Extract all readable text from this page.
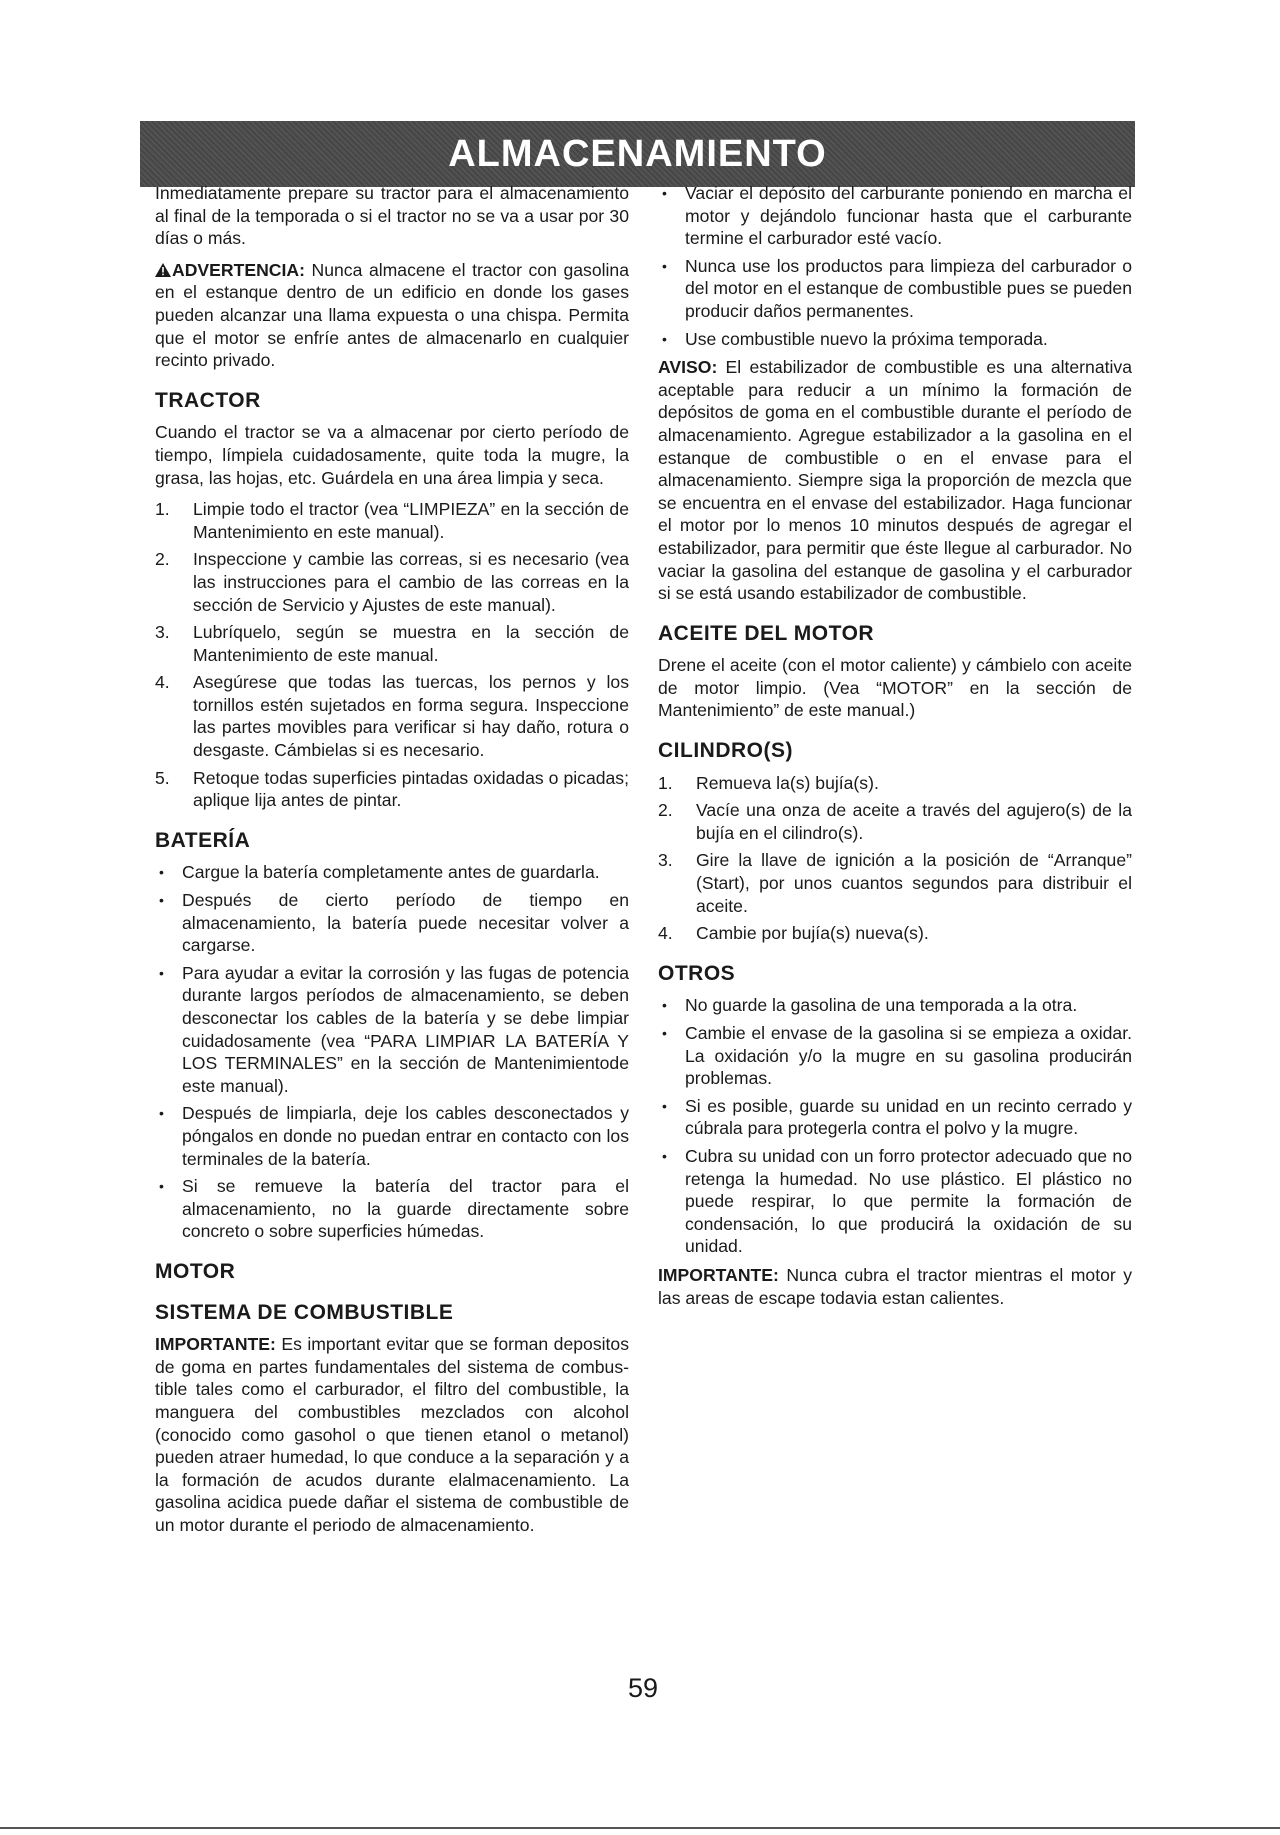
ALMACENAMIENTO

Inmediatamente prepare su tractor para el almacenamiento al final de la temporada o si el tractor no se va a usar por 30 días o más.

ADVERTENCIA: Nunca almacene el tractor con gasolina en el estanque dentro de un edificio en donde los gases pueden alcanzar una llama expuesta o una chispa. Permita que el motor se enfríe antes de almacenarlo en cualquier recinto privado.

TRACTOR

Cuando el tractor se va a almacenar por cierto período de tiempo, límpiela cuidadosamente, quite toda la mugre, la grasa, las hojas, etc. Guárdela en una área limpia y seca.

1. Limpie todo el tractor (vea “LIMPIEZA” en la sección de Mantenimiento en este manual).
2. Inspeccione y cambie las correas, si es necesario (vea las instrucciones para el cambio de las correas en la sección de Servicio y Ajustes de este manual).
3. Lubríquelo, según se muestra en la sección de Mantenimiento de este manual.
4. Asegúrese que todas las tuercas, los pernos y los tornillos estén sujetados en forma segura. Inspeccione las partes movibles para verificar si hay daño, rotura o desgaste. Cámbielas si es necesario.
5. Retoque todas superficies pintadas oxidadas o picadas; aplique lija antes de pintar.
BATERÍA
• Cargue la batería completamente antes de guardarla.
• Después de cierto período de tiempo en almacenamiento, la batería puede necesitar volver a cargarse.
• Para ayudar a evitar la corrosión y las fugas de potencia durante largos períodos de almacenamiento, se deben desconectar los cables de la batería y se debe limpiar cuidadosamente (vea “PARA LIMPIAR LA BATERÍA Y LOS TERMINALES” en la sección de Mantenimientode este manual).
• Después de limpiarla, deje los cables desconectados y póngalos en donde no puedan entrar en contacto con los terminales de la batería.
• Si se remueve la batería del tractor para el almacenamiento, no la guarde directamente sobre concreto o sobre superficies húmedas.
MOTOR
SISTEMA DE COMBUSTIBLE

IMPORTANTE: Es important evitar que se forman depositos de goma en partes fundamentales del sistema de combus-tible tales como el carburador, el filtro del combustible, la manguera del combustibles mezclados con alcohol (conocido como gasohol o que tienen etanol o metanol) pueden atraer humedad, lo que conduce a la separación y a la formación de acudos durante elalmacenamiento. La gasolina acidica puede dañar el sistema de combustible de un motor durante el periodo de almacenamiento.

• Vaciar el depósito del carburante poniendo en marcha el motor y dejándolo funcionar hasta que el carburante termine el carburador esté vacío.
• Nunca use los productos para limpieza del carburador o del motor en el estanque de combustible pues se pueden producir daños permanentes.
• Use combustible nuevo la próxima temporada.

AVISO: El estabilizador de combustible es una alternativa aceptable para reducir a un mínimo la formación de depósitos de goma en el combustible durante el período de almacenamiento. Agregue estabilizador a la gasolina en el estanque de combustible o en el envase para el almacenamiento. Siempre siga la proporción de mezcla que se encuentra en el envase del estabilizador. Haga funcionar el motor por lo menos 10 minutos después de agregar el estabilizador, para permitir que éste llegue al carburador. No vaciar la gasolina del estanque de gasolina y el carburador si se está usando estabilizador de combustible.

ACEITE DEL MOTOR

Drene el aceite (con el motor caliente) y cámbielo con aceite de motor limpio. (Vea “MOTOR” en la sección de Mantenimiento” de este manual.)

CILINDRO(S)
1. Remueva la(s) bujía(s).
2. Vacíe una onza de aceite a través del agujero(s) de la bujía en el cilindro(s).
3. Gire la llave de ignición a la posición de “Arranque” (Start), por unos cuantos segundos para distribuir el aceite.
4. Cambie por bujía(s) nueva(s).
OTROS
• No guarde la gasolina de una temporada a la otra.
• Cambie el envase de la gasolina si se empieza a oxidar. La oxidación y/o la mugre en su gasolina producirán problemas.
• Si es posible, guarde su unidad en un recinto cerrado y cúbrala para protegerla contra el polvo y la mugre.
• Cubra su unidad con un forro protector adecuado que no retenga la humedad. No use plástico. El plástico no puede respirar, lo que permite la formación de condensación, lo que producirá la oxidación de su unidad.

IMPORTANTE: Nunca cubra el tractor mientras el motor y las areas de escape todavia estan calientes.

59
